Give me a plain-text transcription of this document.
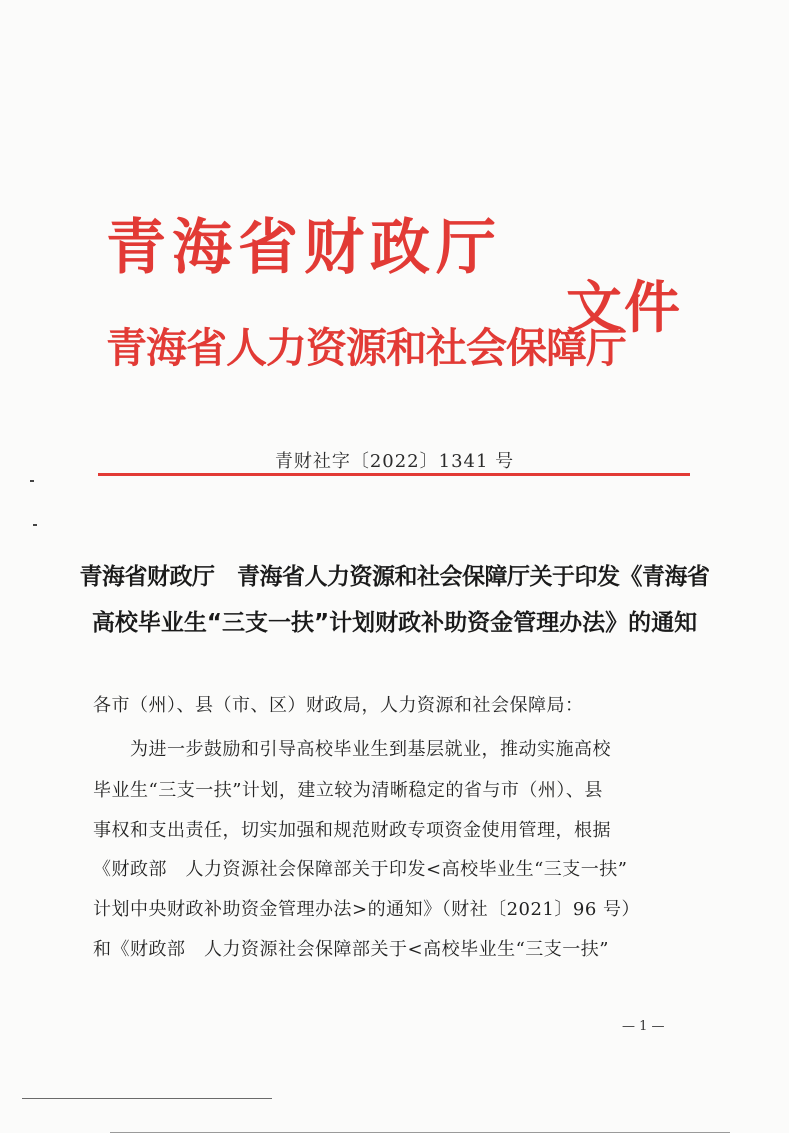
青海省财政厅
青海省人力资源和社会保障厅
文件
青财社字〔2022〕1341 号
青海省财政厅　青海省人力资源和社会保障厅关于印发《青海省
高校毕业生“三支一扶”计划财政补助资金管理办法》的通知
各市（州）、县（市、区）财政局，人力资源和社会保障局：
　　为进一步鼓励和引导高校毕业生到基层就业，推动实施高校
毕业生“三支一扶”计划，建立较为清晰稳定的省与市（州）、县
事权和支出责任，切实加强和规范财政专项资金使用管理，根据
《财政部　人力资源社会保障部关于印发<高校毕业生“三支一扶”
计划中央财政补助资金管理办法>的通知》（财社〔2021〕96 号）
和《财政部　人力资源社会保障部关于<高校毕业生“三支一扶”
— 1 —
